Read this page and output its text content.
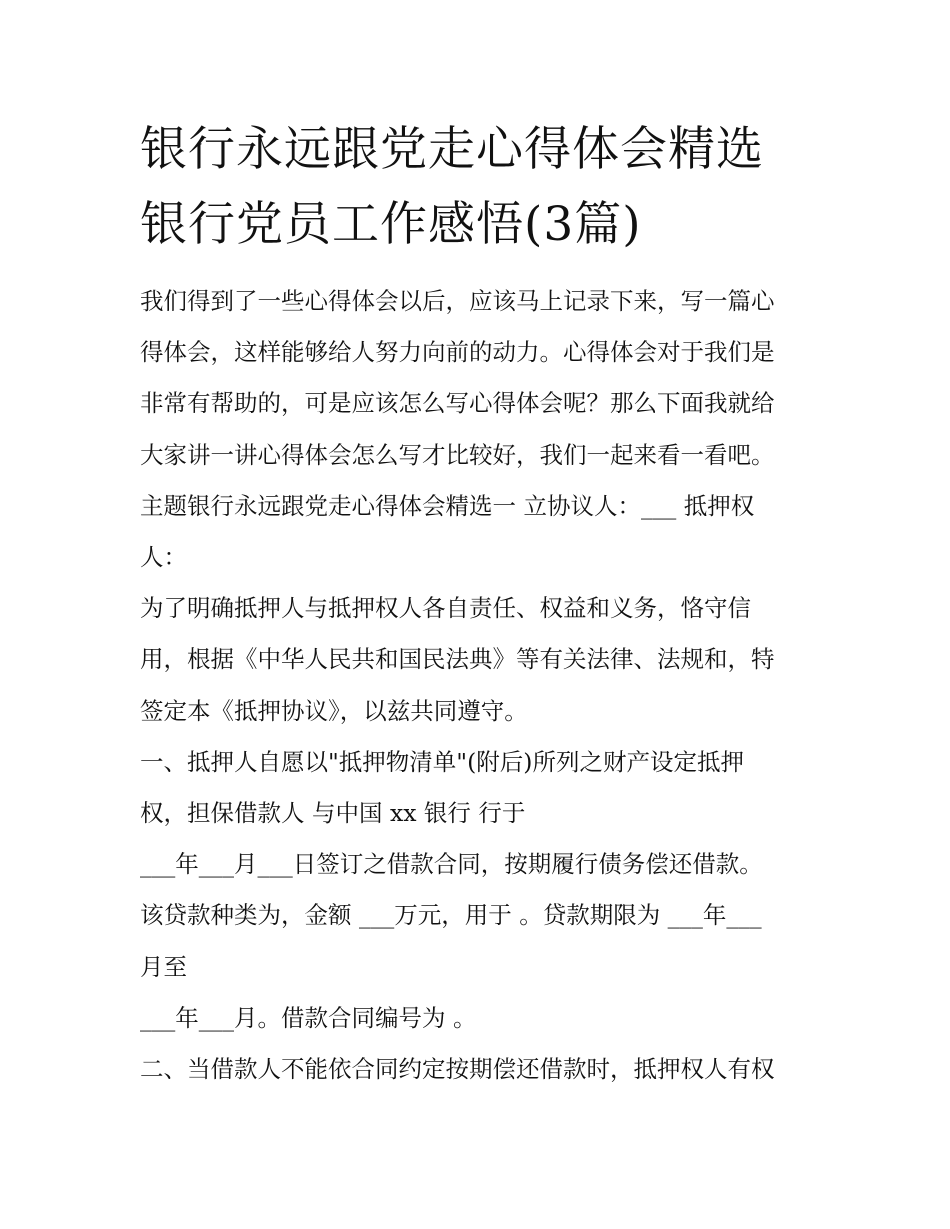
银行永远跟党走心得体会精选
银行党员工作感悟(3篇)

我们得到了一些心得体会以后，应该马上记录下来，写一篇心

得体会，这样能够给人努力向前的动力。心得体会对于我们是

非常有帮助的，可是应该怎么写心得体会呢？那么下面我就给

大家讲一讲心得体会怎么写才比较好，我们一起来看一看吧。

主题银行永远跟党走心得体会精选一 立协议人：___ 抵押权

人：

为了明确抵押人与抵押权人各自责任、权益和义务，恪守信

用，根据《中华人民共和国民法典》等有关法律、法规和，特

签定本《抵押协议》，以兹共同遵守。

一、抵押人自愿以"抵押物清单"(附后)所列之财产设定抵押

权，担保借款人 与中国 xx 银行 行于

___年___月___日签订之借款合同，按期履行债务偿还借款。

该贷款种类为，金额 ___万元，用于 。贷款期限为 ___年___

月至

___年___月。借款合同编号为 。

二、当借款人不能依合同约定按期偿还借款时，抵押权人有权
